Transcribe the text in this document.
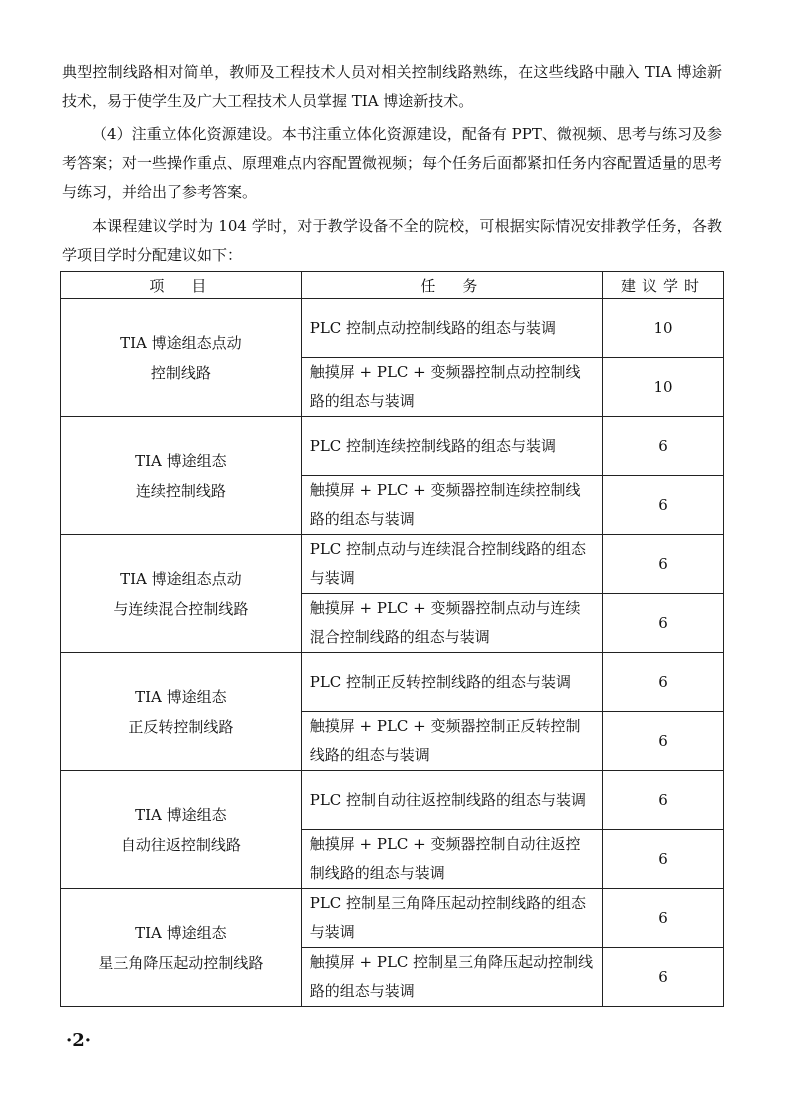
典型控制线路相对简单，教师及工程技术人员对相关控制线路熟练，在这些线路中融入 TIA 博途新技术，易于使学生及广大工程技术人员掌握 TIA 博途新技术。

（4）注重立体化资源建设。本书注重立体化资源建设，配备有 PPT、微视频、思考与练习及参考答案；对一些操作重点、原理难点内容配置微视频；每个任务后面都紧扣任务内容配置适量的思考与练习，并给出了参考答案。

本课程建议学时为 104 学时，对于教学设备不全的院校，可根据实际情况安排教学任务，各教学项目学时分配建议如下：

项　目	任　务	建议学时
TIA 博途组态点动
控制线路	PLC 控制点动控制线路的组态与装调	10
	触摸屏 + PLC + 变频器控制点动控制线路的组态与装调	10
TIA 博途组态
连续控制线路	PLC 控制连续控制线路的组态与装调	6
	触摸屏 + PLC + 变频器控制连续控制线路的组态与装调	6
TIA 博途组态点动
与连续混合控制线路	PLC 控制点动与连续混合控制线路的组态与装调	6
	触摸屏 + PLC + 变频器控制点动与连续混合控制线路的组态与装调	6
TIA 博途组态
正反转控制线路	PLC 控制正反转控制线路的组态与装调	6
	触摸屏 + PLC + 变频器控制正反转控制线路的组态与装调	6
TIA 博途组态
自动往返控制线路	PLC 控制自动往返控制线路的组态与装调	6
	触摸屏 + PLC + 变频器控制自动往返控制线路的组态与装调	6
TIA 博途组态
星三角降压起动控制线路	PLC 控制星三角降压起动控制线路的组态与装调	6
	触摸屏 + PLC 控制星三角降压起动控制线路的组态与装调	6
·2·
